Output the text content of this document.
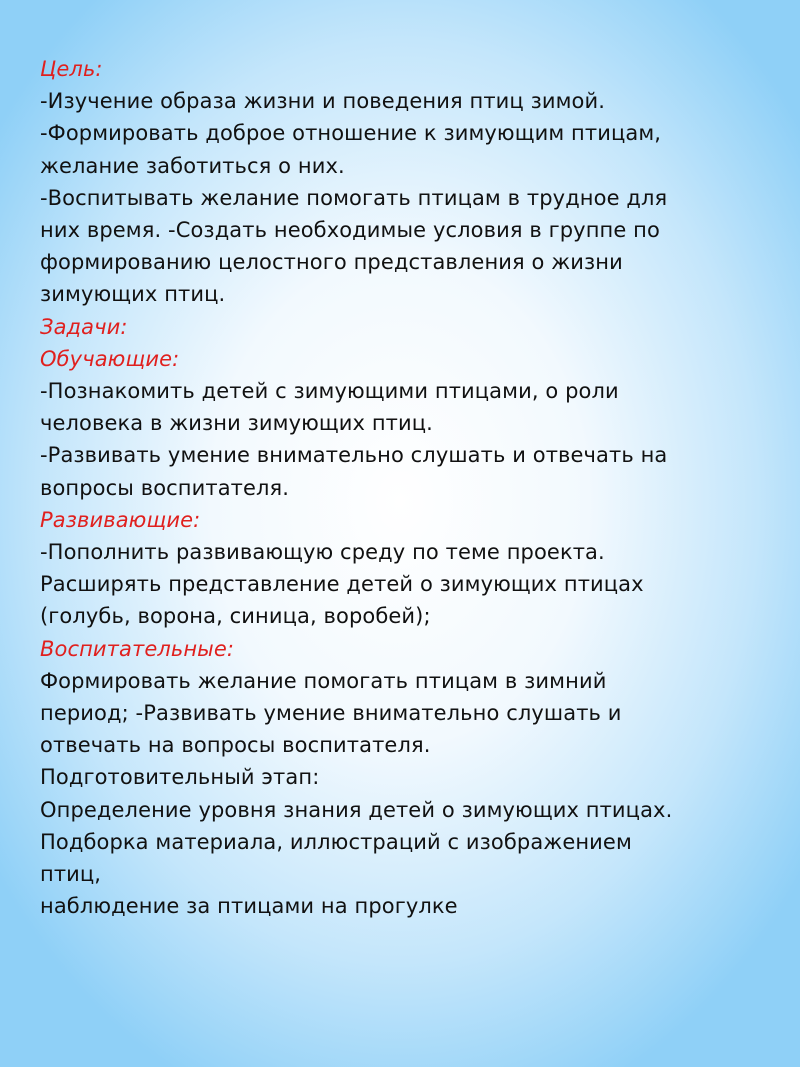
Цель:
-Изучение образа жизни и поведения птиц зимой.
-Формировать доброе отношение к зимующим птицам,
желание заботиться о них.
-Воспитывать желание помогать птицам в трудное для
них время. -Создать необходимые условия в группе по
формированию целостного представления о жизни
зимующих птиц.
Задачи:
Обучающие:
-Познакомить детей с зимующими птицами, о роли
человека в жизни зимующих птиц.
-Развивать умение внимательно слушать и отвечать на
вопросы воспитателя.
Развивающие:
-Пополнить развивающую среду по теме проекта.
Расширять представление детей о зимующих птицах
(голубь, ворона, синица, воробей);
Воспитательные:
Формировать желание помогать птицам в зимний
период; -Развивать умение внимательно слушать и
отвечать на вопросы воспитателя.
Подготовительный этап:
Определение уровня знания детей о зимующих птицах.
Подборка материала, иллюстраций с изображением
птиц,
наблюдение за птицами на прогулке
